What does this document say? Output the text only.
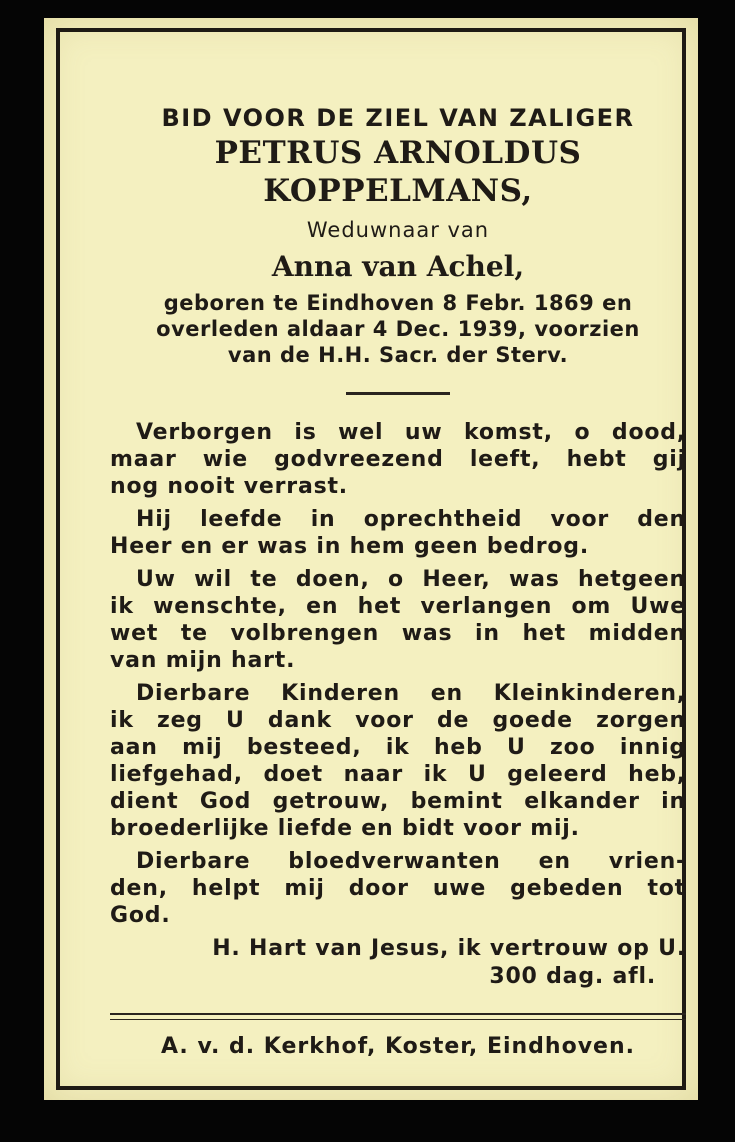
BID VOOR DE ZIEL VAN ZALIGER
PETRUS ARNOLDUS
KOPPELMANS,
Weduwnaar van
Anna van Achel,
geboren te Eindhoven 8 Febr. 1869 en
overleden aldaar 4 Dec. 1939, voorzien
van de H.H. Sacr. der Sterv.
Verborgen is wel uw komst, o dood,
maar wie godvreezend leeft, hebt gij
nog nooit verrast.
Hij leefde in oprechtheid voor den
Heer en er was in hem geen bedrog.
Uw wil te doen, o Heer, was hetgeen
ik wenschte, en het verlangen om Uwe
wet te volbrengen was in het midden
van mijn hart.
Dierbare Kinderen en Kleinkinderen,
ik zeg U dank voor de goede zorgen
aan mij besteed, ik heb U zoo innig
liefgehad, doet naar ik U geleerd heb,
dient God getrouw, bemint elkander in
broederlijke liefde en bidt voor mij.
Dierbare bloedverwanten en vrien-
den, helpt mij door uwe gebeden tot
God.
H. Hart van Jesus, ik vertrouw op U.
300 dag. afl.
A. v. d. Kerkhof, Koster, Eindhoven.
